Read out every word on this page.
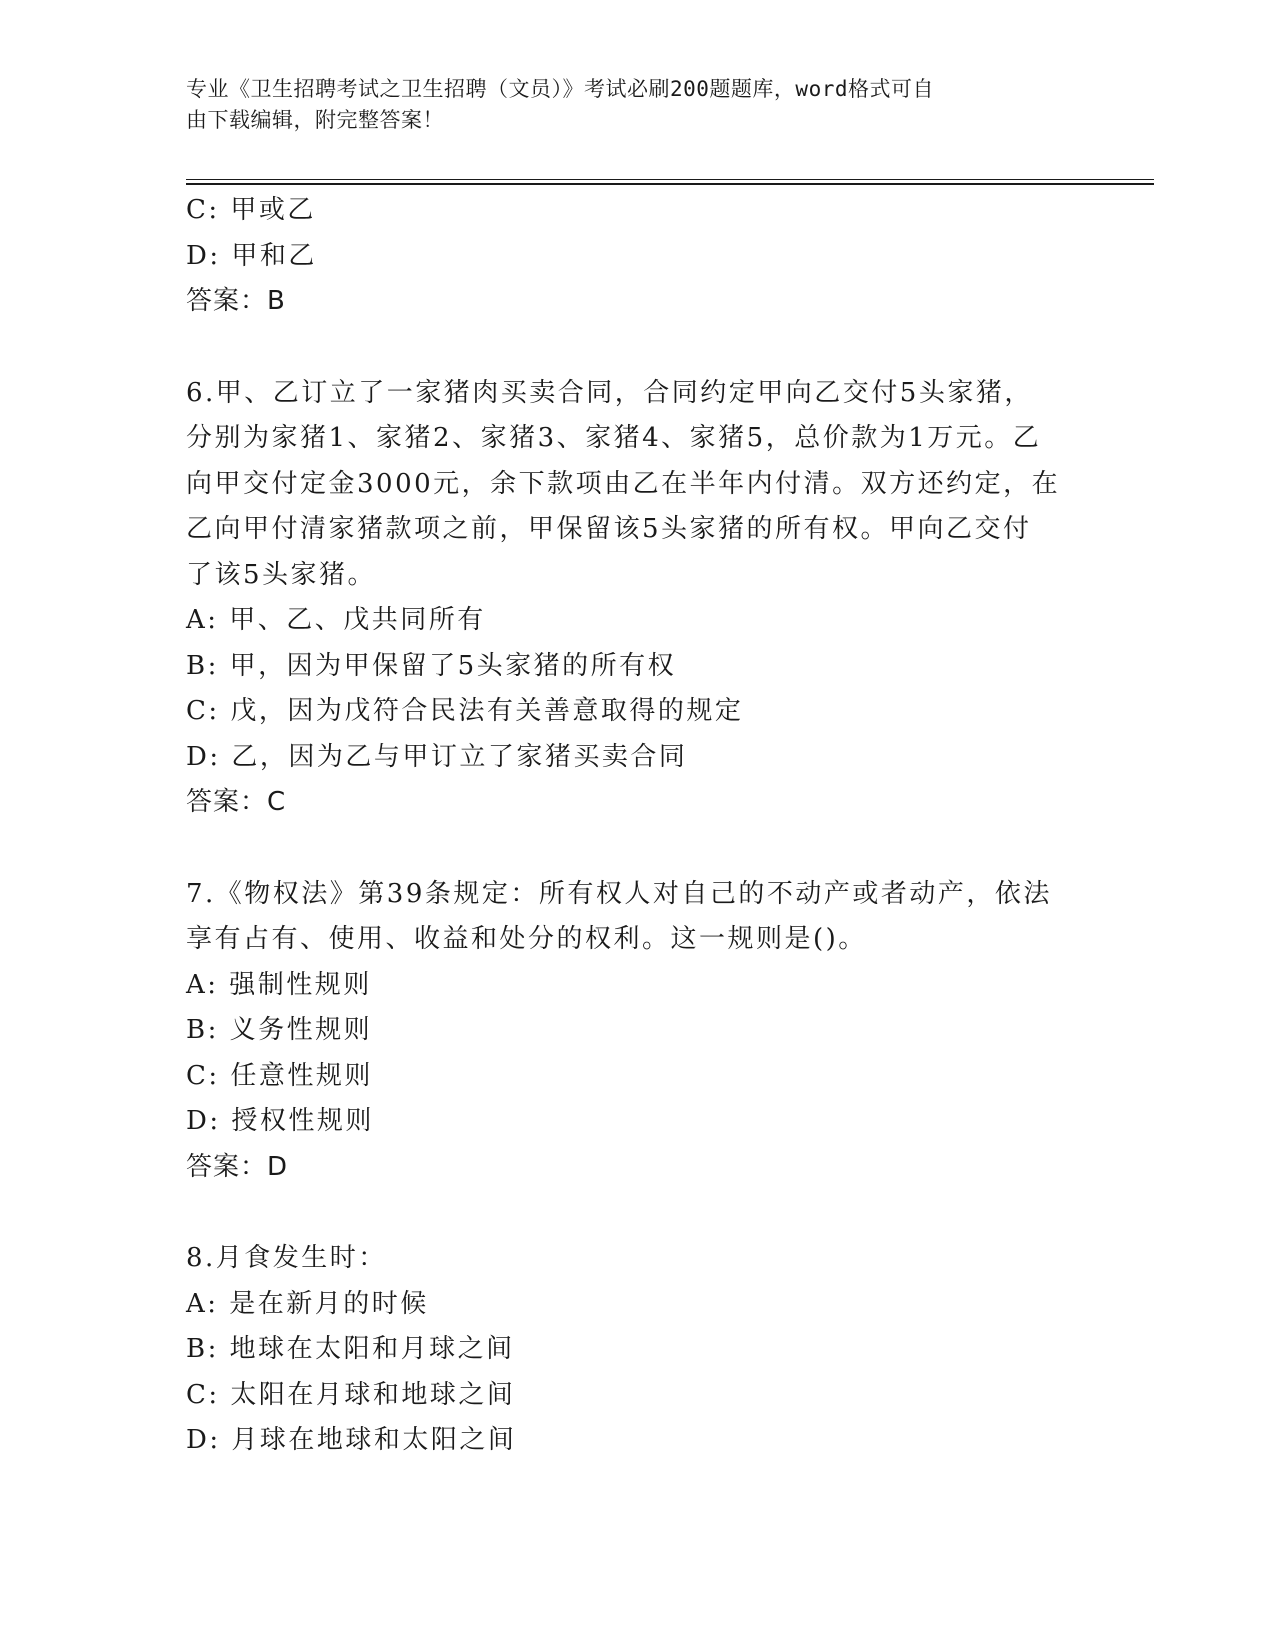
专业《卫生招聘考试之卫生招聘（文员）》考试必刷200题题库，word格式可自
由下载编辑，附完整答案！
C: 甲或乙
D: 甲和乙
答案：B
6.甲、乙订立了一家猪肉买卖合同，合同约定甲向乙交付5头家猪，
分别为家猪1、家猪2、家猪3、家猪4、家猪5，总价款为1万元。乙
向甲交付定金3000元，余下款项由乙在半年内付清。双方还约定，在
乙向甲付清家猪款项之前，甲保留该5头家猪的所有权。甲向乙交付
了该5头家猪。
A: 甲、乙、戊共同所有
B: 甲，因为甲保留了5头家猪的所有权
C: 戊，因为戊符合民法有关善意取得的规定
D: 乙，因为乙与甲订立了家猪买卖合同
答案：C
7.《物权法》第39条规定：所有权人对自己的不动产或者动产，依法
享有占有、使用、收益和处分的权利。这一规则是()。
A: 强制性规则
B: 义务性规则
C: 任意性规则
D: 授权性规则
答案：D
8.月食发生时：
A: 是在新月的时候
B: 地球在太阳和月球之间
C: 太阳在月球和地球之间
D: 月球在地球和太阳之间
